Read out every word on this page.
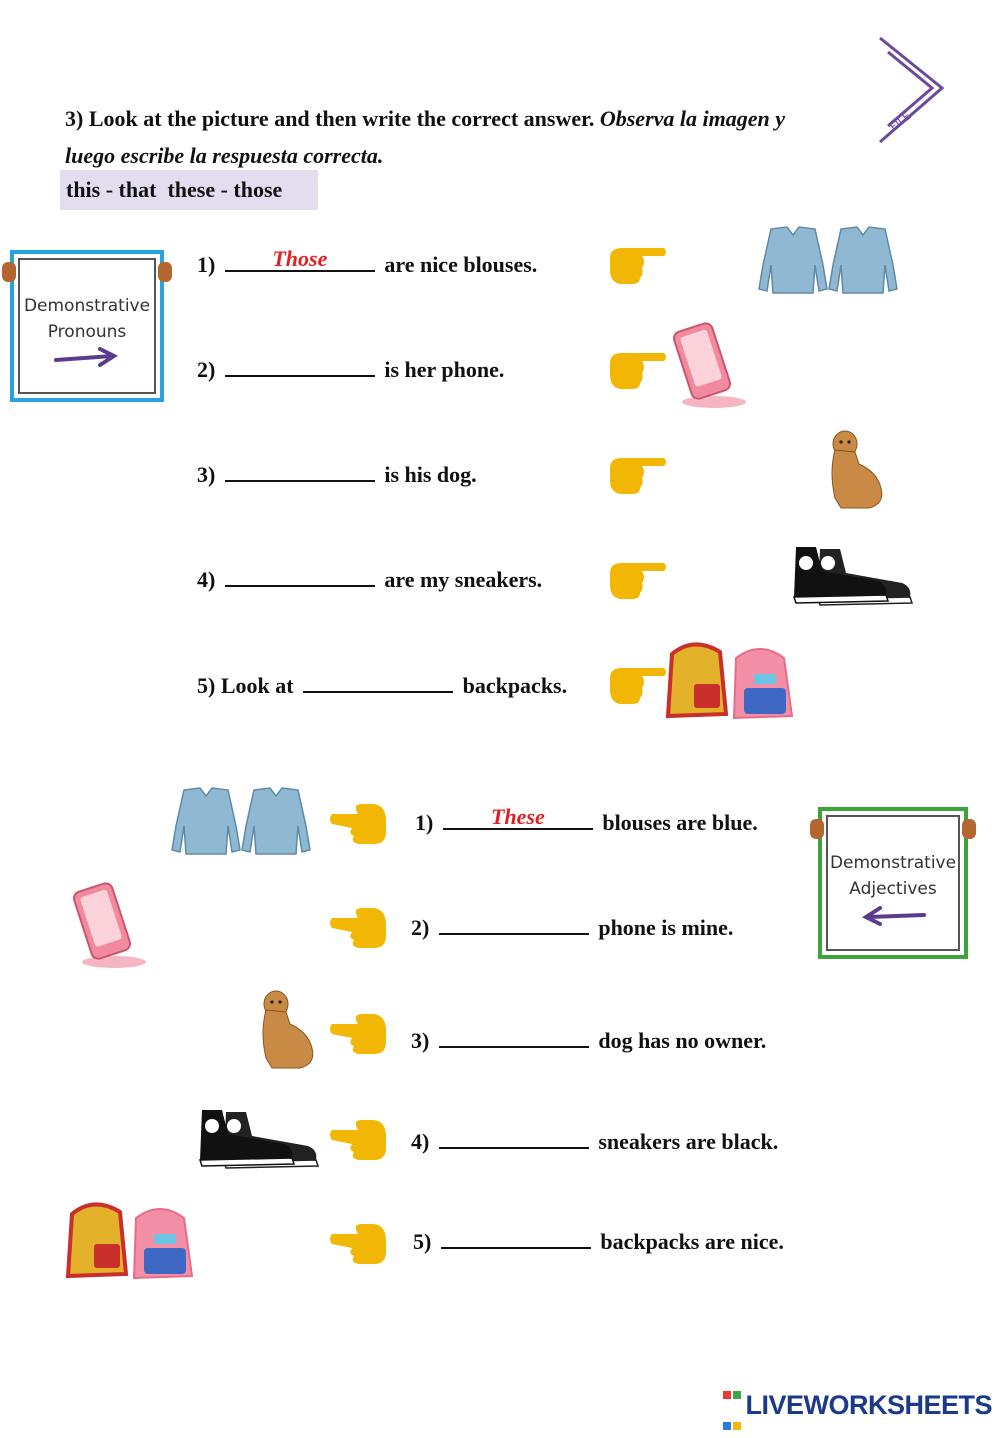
FILE
3) Look at the picture and then write the correct answer. Observa la imagen y luego escribe la respuesta correcta.
this - that  these - those
Demonstrative
Pronouns
Demonstrative
Adjectives
1)	Those	are nice blouses.
2)	is her phone.
3)	is his dog.
4)	are my sneakers.
5) Look at	backpacks.
1)	These	blouses are blue.
2)	phone is mine.
3)	dog has no owner.
4)	sneakers are black.
5)	backpacks are nice.

LIVEWORKSHEETS
